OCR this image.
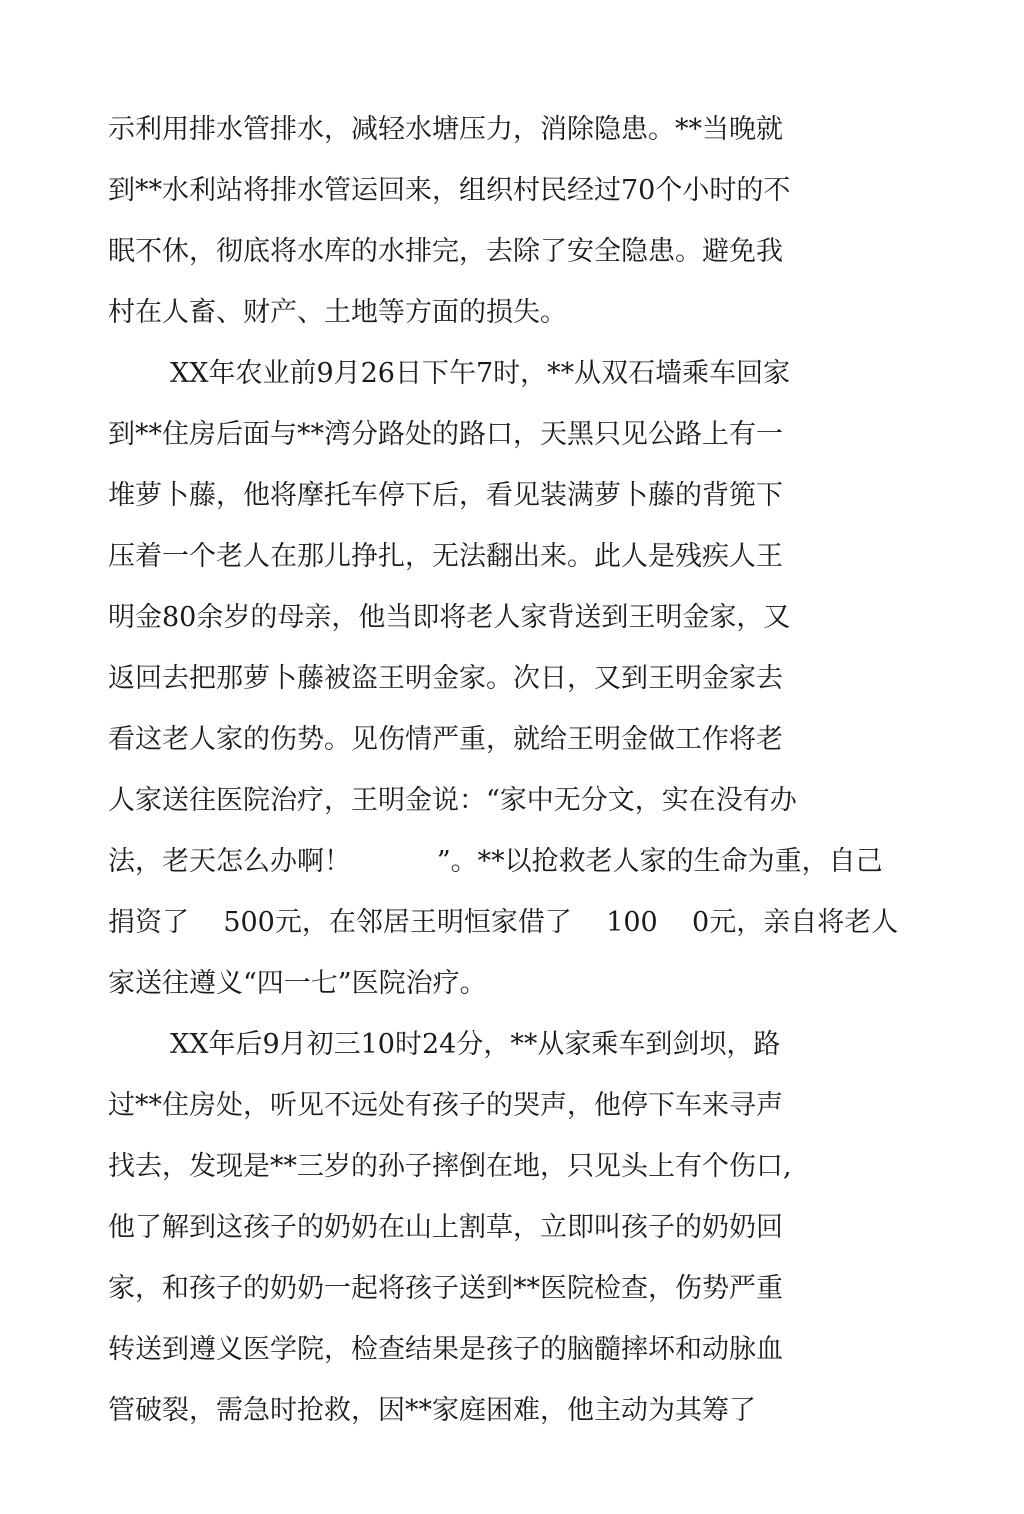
示利用排水管排水，减轻水塘压力，消除隐患。**当晚就
到**水利站将排水管运回来，组织村民经过70个小时的不
眠不休，彻底将水库的水排完，去除了安全隐患。避免我
村在人畜、财产、土地等方面的损失。
XX年农业前9月26日下午7时，**从双石墙乘车回家
到**住房后面与**湾分路处的路口，天黑只见公路上有一
堆萝卜藤，他将摩托车停下后，看见装满萝卜藤的背篼下
压着一个老人在那儿挣扎，无法翻出来。此人是残疾人王
明金80余岁的母亲，他当即将老人家背送到王明金家，又
返回去把那萝卜藤被盗王明金家。次日，又到王明金家去
看这老人家的伤势。见伤情严重，就给王明金做工作将老
人家送往医院治疗，王明金说：“家中无分文，实在没有办
法，老天怎么办啊！          ”。**以抢救老人家的生命为重，自己
捐资了    500元，在邻居王明恒家借了    100    0元，亲自将老人
家送往遵义“四一七”医院治疗。
XX年后9月初三10时24分，**从家乘车到剑坝，路
过**住房处，听见不远处有孩子的哭声，他停下车来寻声
找去，发现是**三岁的孙子摔倒在地，只见头上有个伤口,
他了解到这孩子的奶奶在山上割草，立即叫孩子的奶奶回
家，和孩子的奶奶一起将孩子送到**医院检查，伤势严重
转送到遵义医学院，检查结果是孩子的脑髓摔坏和动脉血
管破裂，需急时抢救，因**家庭困难，他主动为其筹了
